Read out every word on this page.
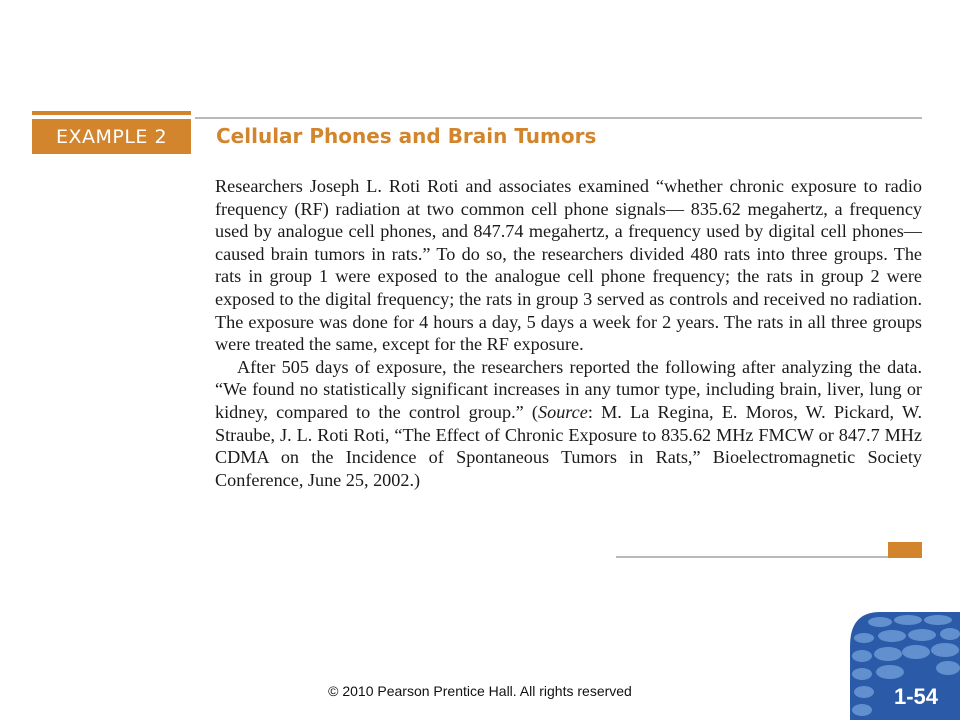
EXAMPLE 2 Cellular Phones and Brain Tumors

Researchers Joseph L. Roti Roti and associates examined “whether chronic exposure to radio frequency (RF) radiation at two common cell phone signals— 835.62 megahertz, a frequency used by analogue cell phones, and 847.74 megahertz, a frequency used by digital cell phones—caused brain tumors in rats.” To do so, the researchers divided 480 rats into three groups. The rats in group 1 were exposed to the analogue cell phone frequency; the rats in group 2 were exposed to the digital frequency; the rats in group 3 served as controls and received no radiation. The exposure was done for 4 hours a day, 5 days a week for 2 years. The rats in all three groups were treated the same, except for the RF exposure.

After 505 days of exposure, the researchers reported the following after analyzing the data. “We found no statistically significant increases in any tumor type, including brain, liver, lung or kidney, compared to the control group.” (Source: M. La Regina, E. Moros, W. Pickard, W. Straube, J. L. Roti Roti, “The Effect of Chronic Exposure to 835.62 MHz FMCW or 847.7 MHz CDMA on the Incidence of Spontaneous Tumors in Rats,” Bioelectromagnetic Society Conference, June 25, 2002.)

© 2010 Pearson Prentice Hall. All rights reserved	1-54
